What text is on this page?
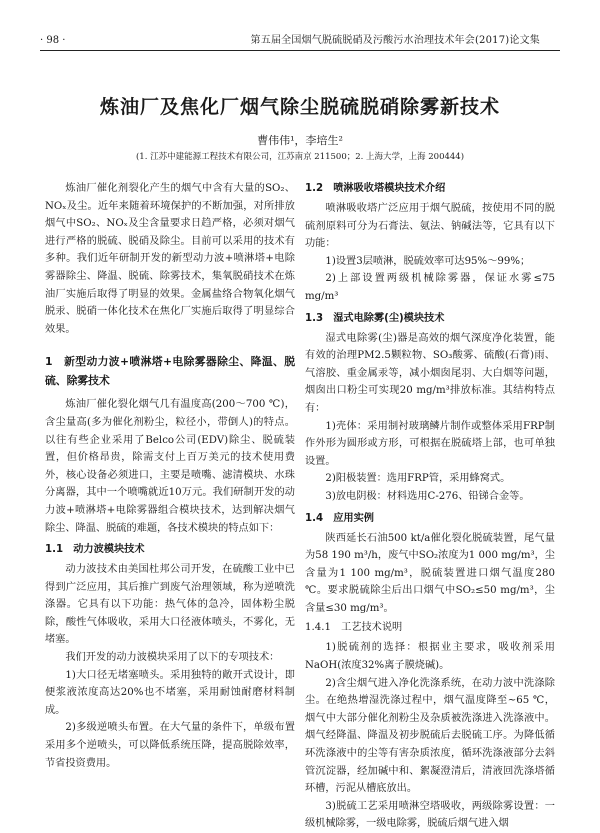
· 98 ·	第五届全国烟气脱硫脱硝及污酸污水治理技术年会(2017)论文集
炼油厂及焦化厂烟气除尘脱硫脱硝除雾新技术
曹伟伟¹，李培生²
(1. 江苏中建能源工程技术有限公司，江苏南京 211500；2. 上海大学，上海 200444)

炼油厂催化剂裂化产生的烟气中含有大量的SO₂、NOₓ及尘。近年来随着环境保护的不断加强，对所排放烟气中SO₂、NOₓ及尘含量要求日趋严格，必须对烟气进行严格的脱硫、脱硝及除尘。目前可以采用的技术有多种。我们近年研制开发的新型动力波+喷淋塔+电除雾器除尘、降温、脱硫、除雾技术，集氧脱硝技术在炼油厂实施后取得了明显的效果。金属盐络合物氧化烟气脱汞、脱硝一体化技术在焦化厂实施后取得了明显综合效果。

1　新型动力波+喷淋塔+电除雾器除尘、降温、脱硫、除雾技术

炼油厂催化裂化烟气几有温度高(200～700 ℃)，含尘量高(多为催化剂粉尘，粒径小，带倒人)的特点。以往有些企业采用了Belco公司(EDV)除尘、脱硫装置，但价格昂贵，除需支付上百万美元的技术使用费外，核心设备必须进口，主要是喷嘴、滤清模块、水珠分离器，其中一个喷嘴就近10万元。我们研制开发的动力波+喷淋塔+电除雾器组合模块技术，达到解决烟气除尘、降温、脱硫的难题，各技术模块的特点如下：

1.1　动力波模块技术

动力波技术由美国杜邦公司开发，在硫酸工业中已得到广泛应用，其后推广到废气治理领域，称为逆喷洗涤器。它具有以下功能：热气体的急冷，固体粉尘脱除，酸性气体吸收，采用大口径液体喷头，不雾化，无堵塞。

我们开发的动力波模块采用了以下的专项技术：

1)大口径无堵塞喷头。采用独特的敞开式设计，即便浆液浓度高达20%也不堵塞，采用耐蚀耐磨材料制成。

2)多级逆喷头布置。在大气量的条件下，单级布置采用多个逆喷头，可以降低系统压降，提高脱除效率，节省投资费用。

1.2　喷淋吸收塔模块技术介绍

喷淋吸收塔广泛应用于烟气脱硫，按使用不同的脱硫剂原料可分为石膏法、氨法、钠碱法等，它具有以下功能：

1)设置3层喷淋，脱硫效率可达95%～99%；

2)上部设置两级机械除雾器，保证水雾≤75 mg/m³

1.3　湿式电除雾(尘)模块技术

湿式电除雾(尘)器是高效的烟气深度净化装置，能有效的治理PM2.5颗粒物、SO₃酸雾、硫酸(石膏)雨、气溶胶、重金属汞等，减小烟囱尾羽、大白烟等问题，烟囱出口粉尘可实现20 mg/m³排放标准。其结构特点有：

1)壳体：采用制衬玻璃鳞片制作或整体采用FRP制作外形为圆形或方形，可根据在脱硫塔上部，也可单独设置。

2)阳极装置：选用FRP管，采用蜂窝式。

3)放电阴极：材料选用C-276、铅锑合金等。

1.4　应用实例

陕西延长石油500 kt/a催化裂化脱硫装置，尾气量为58 190 m³/h，废气中SO₂浓度为1 000 mg/m³，尘含量为1 100 mg/m³，脱硫装置进口烟气温度280 ℃。要求脱硫除尘后出口烟气中SO₂≤50 mg/m³，尘含量≤30 mg/m³。

1.4.1　工艺技术说明

1)脱硫剂的选择：根据业主要求，吸收剂采用NaOH(浓度32%离子膜烧碱)。

2)含尘烟气进入净化洗涤系统，在动力波中洗涤除尘。在绝热增湿洗涤过程中，烟气温度降至~65 ℃，烟气中大部分催化剂粉尘及杂质被洗涤进入洗涤液中。烟气经降温、降温及初步脱硫后去脱硫工序。为降低循环洗涤液中的尘等有害杂质浓度，循环洗涤液部分去斜管沉淀器，经加碱中和、絮凝澄清后，清液回洗涤塔循环槽，污泥从槽底放出。

3)脱硫工艺采用喷淋空塔吸收，两级除雾设置：一级机械除雾，一级电除雾，脱硫后烟气进入烟
